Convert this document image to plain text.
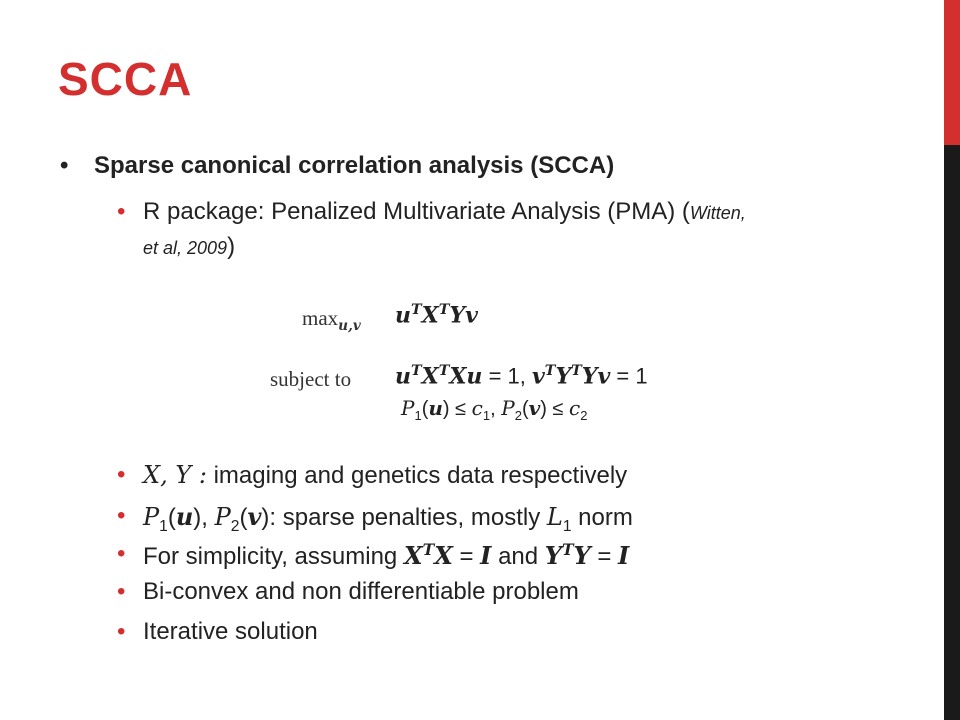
SCCA
• Sparse canonical correlation analysis (SCCA)
• R package: Penalized Multivariate Analysis (PMA) (Witten,
et al, 2009)
$\max_{u,v} u^TX^TYv$
subject to $u^TX^TXu = 1$, $v^TY^TYv = 1$
$P_1(u) \le c_1$, $P_2(v) \le c_2$
• X, Y : imaging and genetics data respectively
• $P_1(u)$, $P_2(v)$: sparse penalties, mostly $L_1$ norm
• For simplicity, assuming $X^TX = I$ and $Y^TY = I$
• Bi-convex and non differentiable problem
• Iterative solution
